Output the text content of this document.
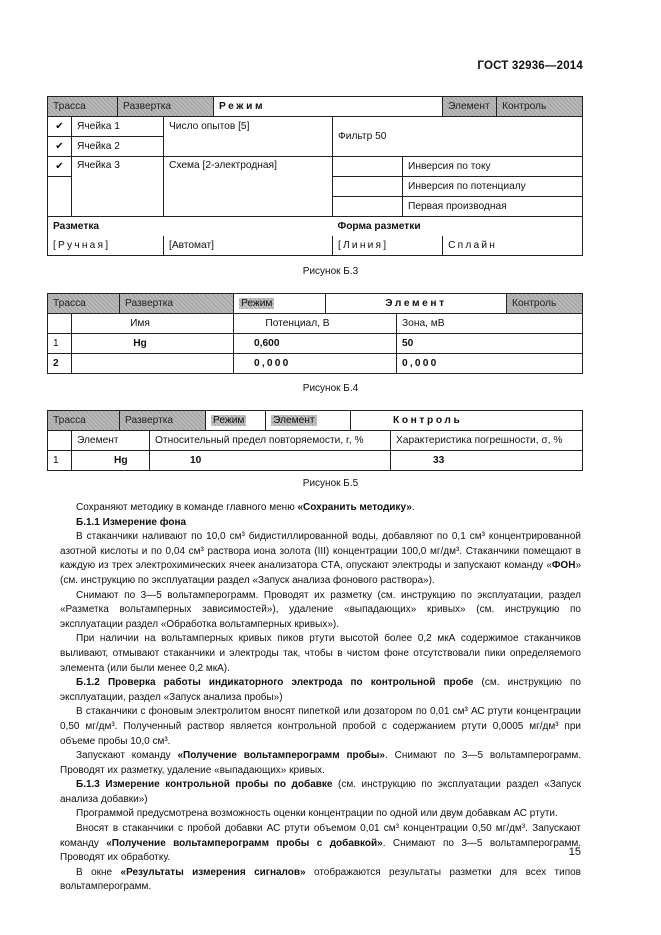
ГОСТ 32936—2014
Трасса		Развертка		Режим			Элемент	Контроль
✔	Ячейка 1		Число опытов [5]		Фильтр 50			
✔	Ячейка 2							
✔	Ячейка 3		Схема [2-электродная]			Инверсия по току		
						Инверсия по потенциалу		
						Первая производная		
Разметка					Форма разметки			
[Ручная]			[Автомат]		[Линия]		Сплайн	
Рисунок Б.3
Трасса		Развертка	Режим	Элемент		Контроль
	Имя		Потенциал, В		Зона, мВ	
1	Hg		0,600		50	
2			0,000		0,000	
Рисунок Б.4
Трасса		Развертка		Режим	Элемент	Контроль	
	Элемент		Относительный предел повторяемости, r, %				Характеристика погрешности, σ, %
1	Hg		10				33
Рисунок Б.5

Сохраняют методику в команде главного меню «Сохранить методику».

Б.1.1 Измерение фона

В стаканчики наливают по 10,0 см³ бидистиллированной воды, добавляют по 0,1 см³ концентрированной азотной кислоты и по 0,04 см³ раствора иона золота (III) концентрации 100,0 мг/дм³. Стаканчики помещают в каждую из трех электрохимических ячеек анализатора СТА, опускают электроды и запускают команду «ФОН» (см. инструкцию по эксплуатации раздел «Запуск анализа фонового раствора»).

Снимают по 3—5 вольтамперограмм. Проводят их разметку (см. инструкцию по эксплуатации, раздел «Разметка вольтамперных зависимостей»), удаление «выпадающих» кривых» (см. инструкцию по эксплуатации раздел «Обработка вольтамперных кривых»).

При наличии на вольтамперных кривых пиков ртути высотой более 0,2 мкА содержимое стаканчиков выливают, отмывают стаканчики и электроды так, чтобы в чистом фоне отсутствовали пики определяемого элемента (или были менее 0,2 мкА).

Б.1.2 Проверка работы индикаторного электрода по контрольной пробе (см. инструкцию по эксплуатации, раздел «Запуск анализа пробы»)

В стаканчики с фоновым электролитом вносят пипеткой или дозатором по 0,01 см³ АС ртути концентрации 0,50 мг/дм³. Полученный раствор является контрольной пробой с содержанием ртути 0,0005 мг/дм³ при объеме пробы 10,0 см³.

Запускают команду «Получение вольтамперограмм пробы». Снимают по 3—5 вольтамперограмм. Проводят их разметку, удаление «выпадающих» кривых.

Б.1.3 Измерение контрольной пробы по добавке (см. инструкцию по эксплуатации раздел «Запуск анализа добавки»)

Программой предусмотрена возможность оценки концентрации по одной или двум добавкам АС ртути.

Вносят в стаканчики с пробой добавки АС ртути объемом 0,01 см³ концентрации 0,50 мг/дм³. Запускают команду «Получение вольтамперограмм пробы с добавкой». Снимают по 3—5 вольтамперограмм. Проводят их обработку.

В окне «Результаты измерения сигналов» отображаются результаты разметки для всех типов вольтамперограмм.

15
